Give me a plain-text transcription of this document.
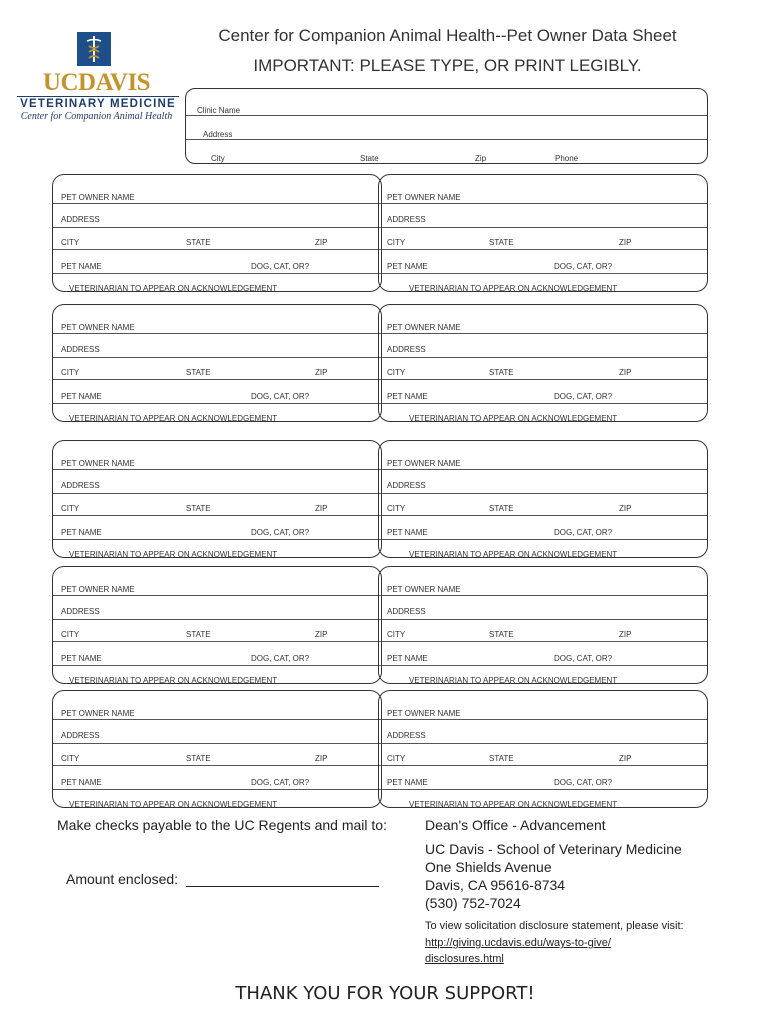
UCDAVIS
VETERINARY MEDICINE
Center for Companion Animal Health
Center for Companion Animal Health--Pet Owner Data Sheet
IMPORTANT: PLEASE TYPE, OR PRINT LEGIBLY.
Clinic Name
Address
City	State	Zip	Phone
PET OWNER NAME
ADDRESS
CITY	STATE	ZIP
PET NAME	DOG, CAT, OR?
VETERINARIAN TO APPEAR ON ACKNOWLEDGEMENT
PET OWNER NAME
ADDRESS
CITY	STATE	ZIP
PET NAME	DOG, CAT, OR?
VETERINARIAN TO APPEAR ON ACKNOWLEDGEMENT
PET OWNER NAME
ADDRESS
CITY	STATE	ZIP
PET NAME	DOG, CAT, OR?
VETERINARIAN TO APPEAR ON ACKNOWLEDGEMENT
PET OWNER NAME
ADDRESS
CITY	STATE	ZIP
PET NAME	DOG, CAT, OR?
VETERINARIAN TO APPEAR ON ACKNOWLEDGEMENT
PET OWNER NAME
ADDRESS
CITY	STATE	ZIP
PET NAME	DOG, CAT, OR?
VETERINARIAN TO APPEAR ON ACKNOWLEDGEMENT
PET OWNER NAME
ADDRESS
CITY	STATE	ZIP
PET NAME	DOG, CAT, OR?
VETERINARIAN TO APPEAR ON ACKNOWLEDGEMENT
PET OWNER NAME
ADDRESS
CITY	STATE	ZIP
PET NAME	DOG, CAT, OR?
VETERINARIAN TO APPEAR ON ACKNOWLEDGEMENT
PET OWNER NAME
ADDRESS
CITY	STATE	ZIP
PET NAME	DOG, CAT, OR?
VETERINARIAN TO APPEAR ON ACKNOWLEDGEMENT
PET OWNER NAME
ADDRESS
CITY	STATE	ZIP
PET NAME	DOG, CAT, OR?
VETERINARIAN TO APPEAR ON ACKNOWLEDGEMENT
PET OWNER NAME
ADDRESS
CITY	STATE	ZIP
PET NAME	DOG, CAT, OR?
VETERINARIAN TO APPEAR ON ACKNOWLEDGEMENT
Make checks payable to the UC Regents and mail to:
Amount enclosed:
Dean's Office - Advancement
UC Davis - School of Veterinary Medicine
One Shields Avenue
Davis, CA 95616-8734
(530) 752-7024
To view solicitation disclosure statement, please visit:
http://giving.ucdavis.edu/ways-to-give/
disclosures.html
THANK YOU FOR YOUR SUPPORT!
